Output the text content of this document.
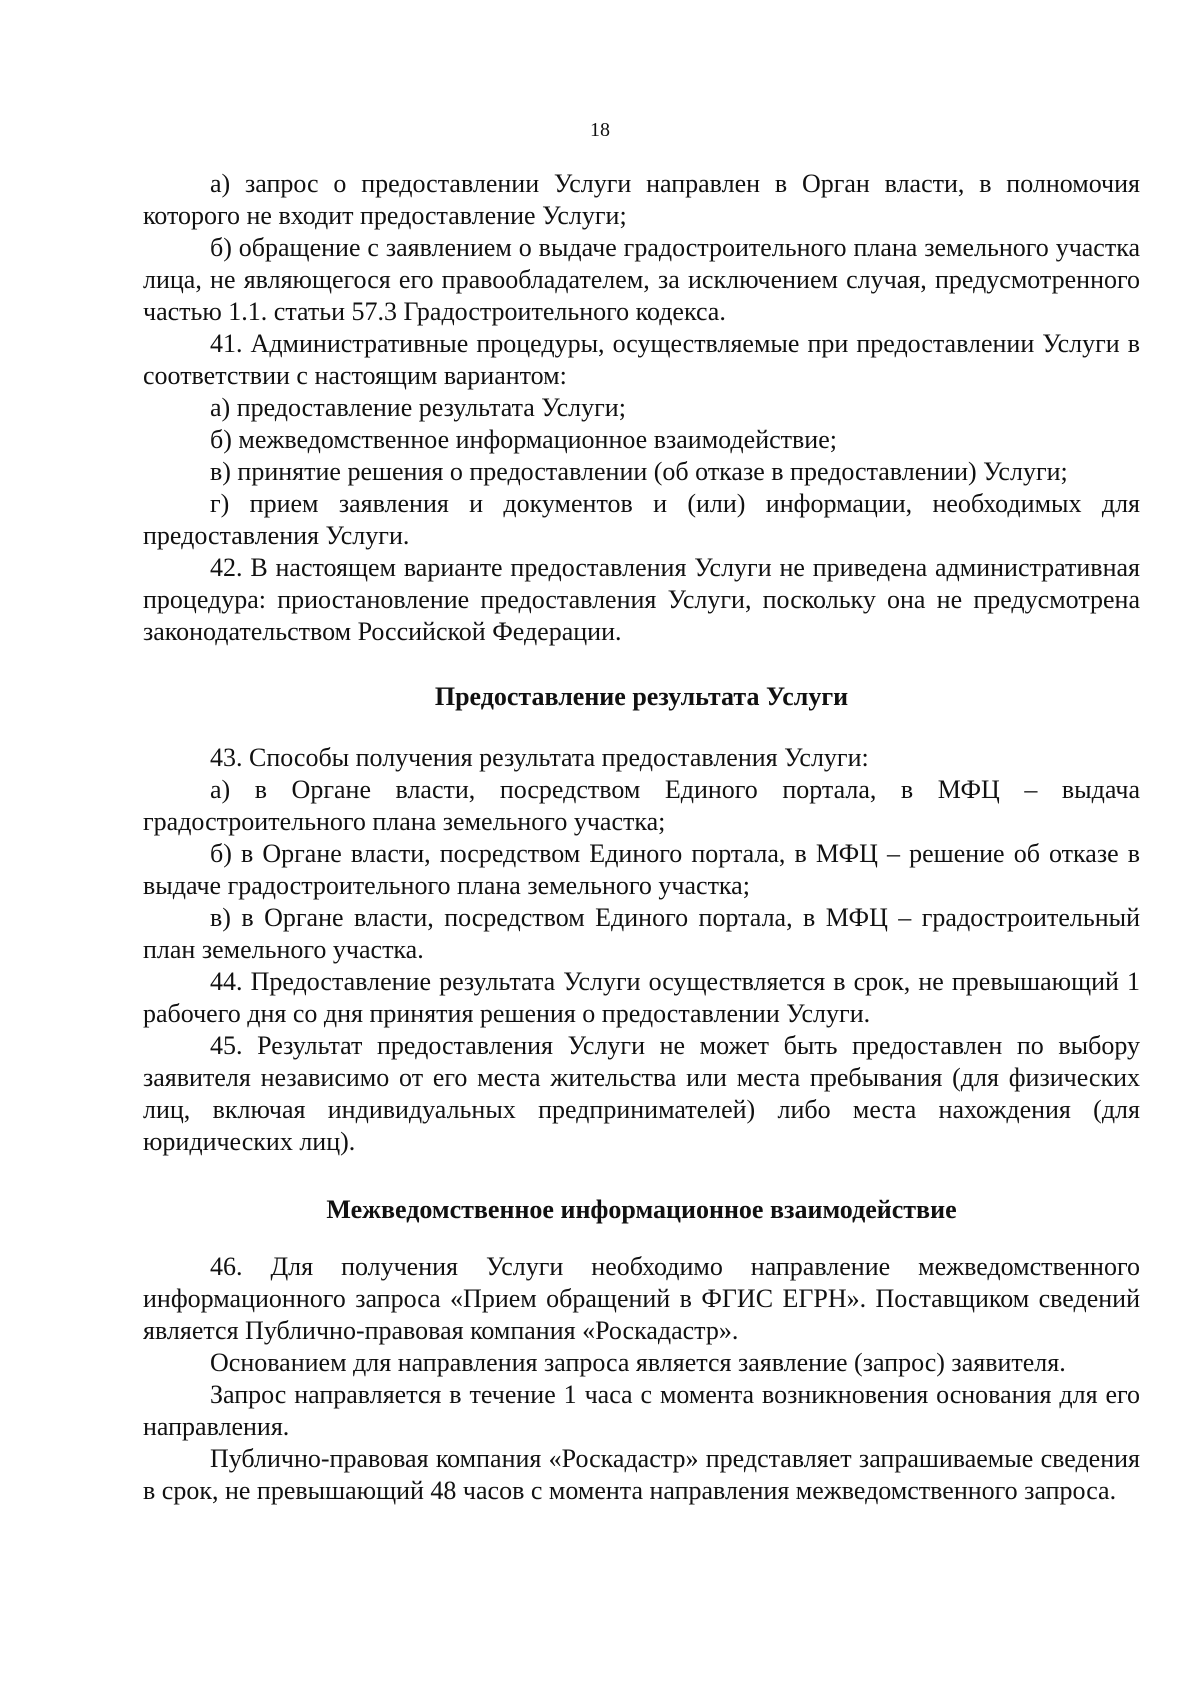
18

а) запрос о предоставлении Услуги направлен в Орган власти, в полномочия которого не входит предоставление Услуги;

б) обращение с заявлением о выдаче градостроительного плана земельного участка лица, не являющегося его правообладателем, за исключением случая, предусмотренного частью 1.1. статьи 57.3 Градостроительного кодекса.

41. Административные процедуры, осуществляемые при предоставлении Услуги в соответствии с настоящим вариантом:

а) предоставление результата Услуги;

б) межведомственное информационное взаимодействие;

в) принятие решения о предоставлении (об отказе в предоставлении) Услуги;

г) прием заявления и документов и (или) информации, необходимых для предоставления Услуги.

42. В настоящем варианте предоставления Услуги не приведена административная процедура: приостановление предоставления Услуги, поскольку она не предусмотрена законодательством Российской Федерации.

Предоставление результата Услуги

43. Способы получения результата предоставления Услуги:

а) в Органе власти, посредством Единого портала, в МФЦ – выдача градостроительного плана земельного участка;

б) в Органе власти, посредством Единого портала, в МФЦ – решение об отказе в выдаче градостроительного плана земельного участка;

в) в Органе власти, посредством Единого портала, в МФЦ – градостроительный план земельного участка.

44. Предоставление результата Услуги осуществляется в срок, не превышающий 1 рабочего дня со дня принятия решения о предоставлении Услуги.

45. Результат предоставления Услуги не может быть предоставлен по выбору заявителя независимо от его места жительства или места пребывания (для физических лиц, включая индивидуальных предпринимателей) либо места нахождения (для юридических лиц).

Межведомственное информационное взаимодействие

46. Для получения Услуги необходимо направление межведомственного информационного запроса «Прием обращений в ФГИС ЕГРН». Поставщиком сведений является Публично-правовая компания «Роскадастр».

Основанием для направления запроса является заявление (запрос) заявителя.

Запрос направляется в течение 1 часа с момента возникновения основания для его направления.

Публично-правовая компания «Роскадастр» представляет запрашиваемые сведения в срок, не превышающий 48 часов с момента направления межведомственного запроса.
